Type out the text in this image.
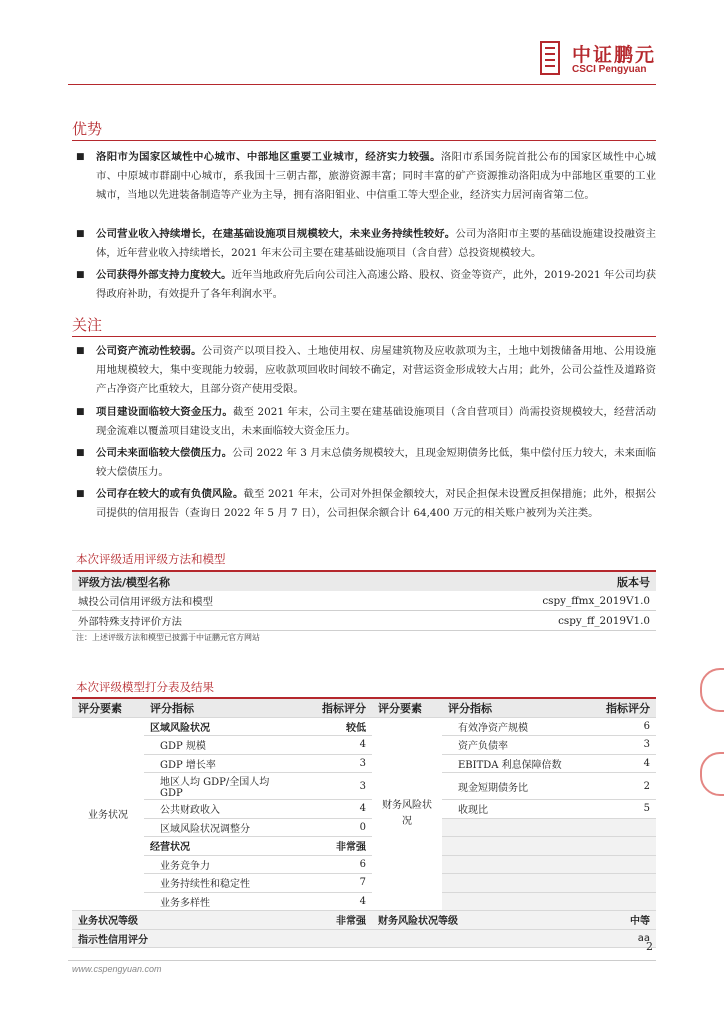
中证鹏元
CSCI Pengyuan
优势
■ 洛阳市为国家区域性中心城市、中部地区重要工业城市，经济实力较强。洛阳市系国务院首批公布的国家区域性中心城市、中原城市群副中心城市，系我国十三朝古都，旅游资源丰富；同时丰富的矿产资源推动洛阳成为中部地区重要的工业城市，当地以先进装备制造等产业为主导，拥有洛阳钼业、中信重工等大型企业，经济实力居河南省第二位。
■ 公司营业收入持续增长，在建基础设施项目规模较大，未来业务持续性较好。公司为洛阳市主要的基础设施建设投融资主体，近年营业收入持续增长，2021 年末公司主要在建基础设施项目（含自营）总投资规模较大。
■ 公司获得外部支持力度较大。近年当地政府先后向公司注入高速公路、股权、资金等资产，此外，2019-2021 年公司均获得政府补助，有效提升了各年利润水平。
关注
■ 公司资产流动性较弱。公司资产以项目投入、土地使用权、房屋建筑物及应收款项为主，土地中划拨储备用地、公用设施用地规模较大，集中变现能力较弱，应收款项回收时间较不确定，对营运资金形成较大占用；此外，公司公益性及道路资产占净资产比重较大，且部分资产使用受限。
■ 项目建设面临较大资金压力。截至 2021 年末，公司主要在建基础设施项目（含自营项目）尚需投资规模较大，经营活动现金流难以覆盖项目建设支出，未来面临较大资金压力。
■ 公司未来面临较大偿债压力。公司 2022 年 3 月末总债务规模较大，且现金短期债务比低，集中偿付压力较大，未来面临较大偿债压力。
■ 公司存在较大的或有负债风险。截至 2021 年末，公司对外担保金额较大，对民企担保未设置反担保措施；此外，根据公司提供的信用报告（查询日 2022 年 5 月 7 日），公司担保余额合计 64,400 万元的相关账户被列为关注类。
本次评级适用评级方法和模型
评级方法/模型名称	版本号
城投公司信用评级方法和模型	cspy_ffmx_2019V1.0
外部特殊支持评价方法	cspy_ff_2019V1.0
注：上述评级方法和模型已披露于中证鹏元官方网站
本次评级模型打分表及结果
评分要素	评分指标	指标评分	评分要素	评分指标	指标评分
业务状况	区域风险状况	较低	财务风险状况	有效净资产规模	6
	GDP 规模	4		资产负债率	3
	GDP 增长率	3		EBITDA 利息保障倍数	4
	地区人均 GDP/全国人均 GDP	3		现金短期债务比	2
	公共财政收入	4		收现比	5
	区域风险状况调整分	0			
	经营状况	非常强			
	业务竞争力	6			
	业务持续性和稳定性	7			
	业务多样性	4			
业务状况等级		非常强	财务风险状况等级		中等
指示性信用评分					aa
2
www.cspengyuan.com
